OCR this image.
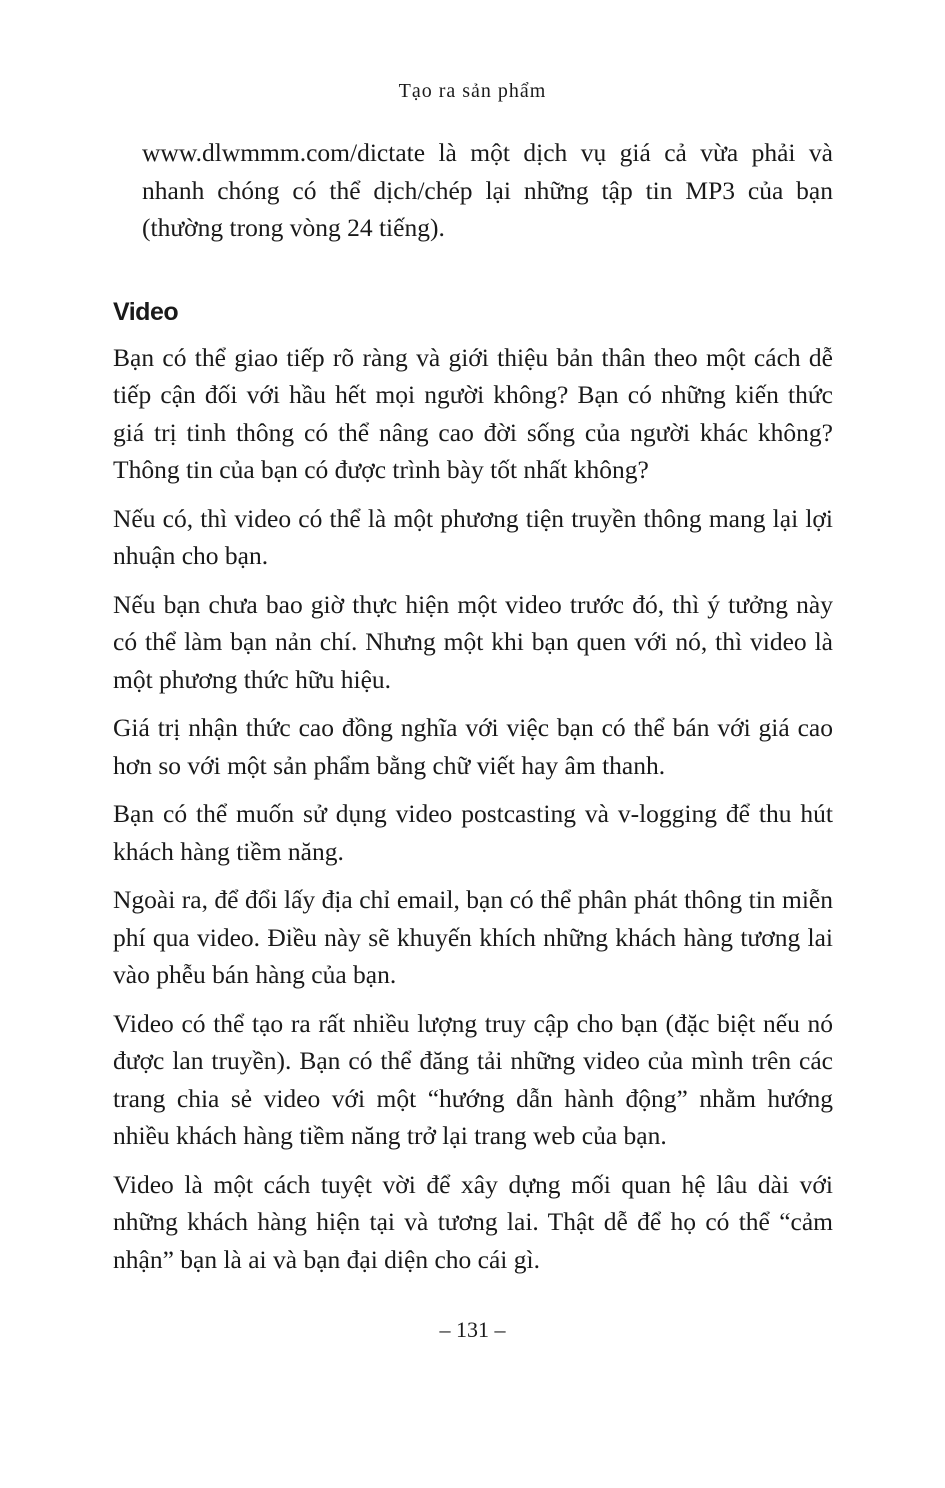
Tạo ra sản phẩm

www.dlwmmm.com/dictate là một dịch vụ giá cả vừa phải và nhanh chóng có thể dịch/chép lại những tập tin MP3 của bạn (thường trong vòng 24 tiếng).

Video

Bạn có thể giao tiếp rõ ràng và giới thiệu bản thân theo một cách dễ tiếp cận đối với hầu hết mọi người không? Bạn có những kiến thức giá trị tinh thông có thể nâng cao đời sống của người khác không? Thông tin của bạn có được trình bày tốt nhất không?

Nếu có, thì video có thể là một phương tiện truyền thông mang lại lợi nhuận cho bạn.

Nếu bạn chưa bao giờ thực hiện một video trước đó, thì ý tưởng này có thể làm bạn nản chí. Nhưng một khi bạn quen với nó, thì video là một phương thức hữu hiệu.

Giá trị nhận thức cao đồng nghĩa với việc bạn có thể bán với giá cao hơn so với một sản phẩm bằng chữ viết hay âm thanh.

Bạn có thể muốn sử dụng video postcasting và v-logging để thu hút khách hàng tiềm năng.

Ngoài ra, để đổi lấy địa chỉ email, bạn có thể phân phát thông tin miễn phí qua video. Điều này sẽ khuyến khích những khách hàng tương lai vào phễu bán hàng của bạn.

Video có thể tạo ra rất nhiều lượng truy cập cho bạn (đặc biệt nếu nó được lan truyền). Bạn có thể đăng tải những video của mình trên các trang chia sẻ video với một “hướng dẫn hành động” nhằm hướng nhiều khách hàng tiềm năng trở lại trang web của bạn.

Video là một cách tuyệt vời để xây dựng mối quan hệ lâu dài với những khách hàng hiện tại và tương lai. Thật dễ để họ có thể “cảm nhận” bạn là ai và bạn đại diện cho cái gì.

– 131 –
